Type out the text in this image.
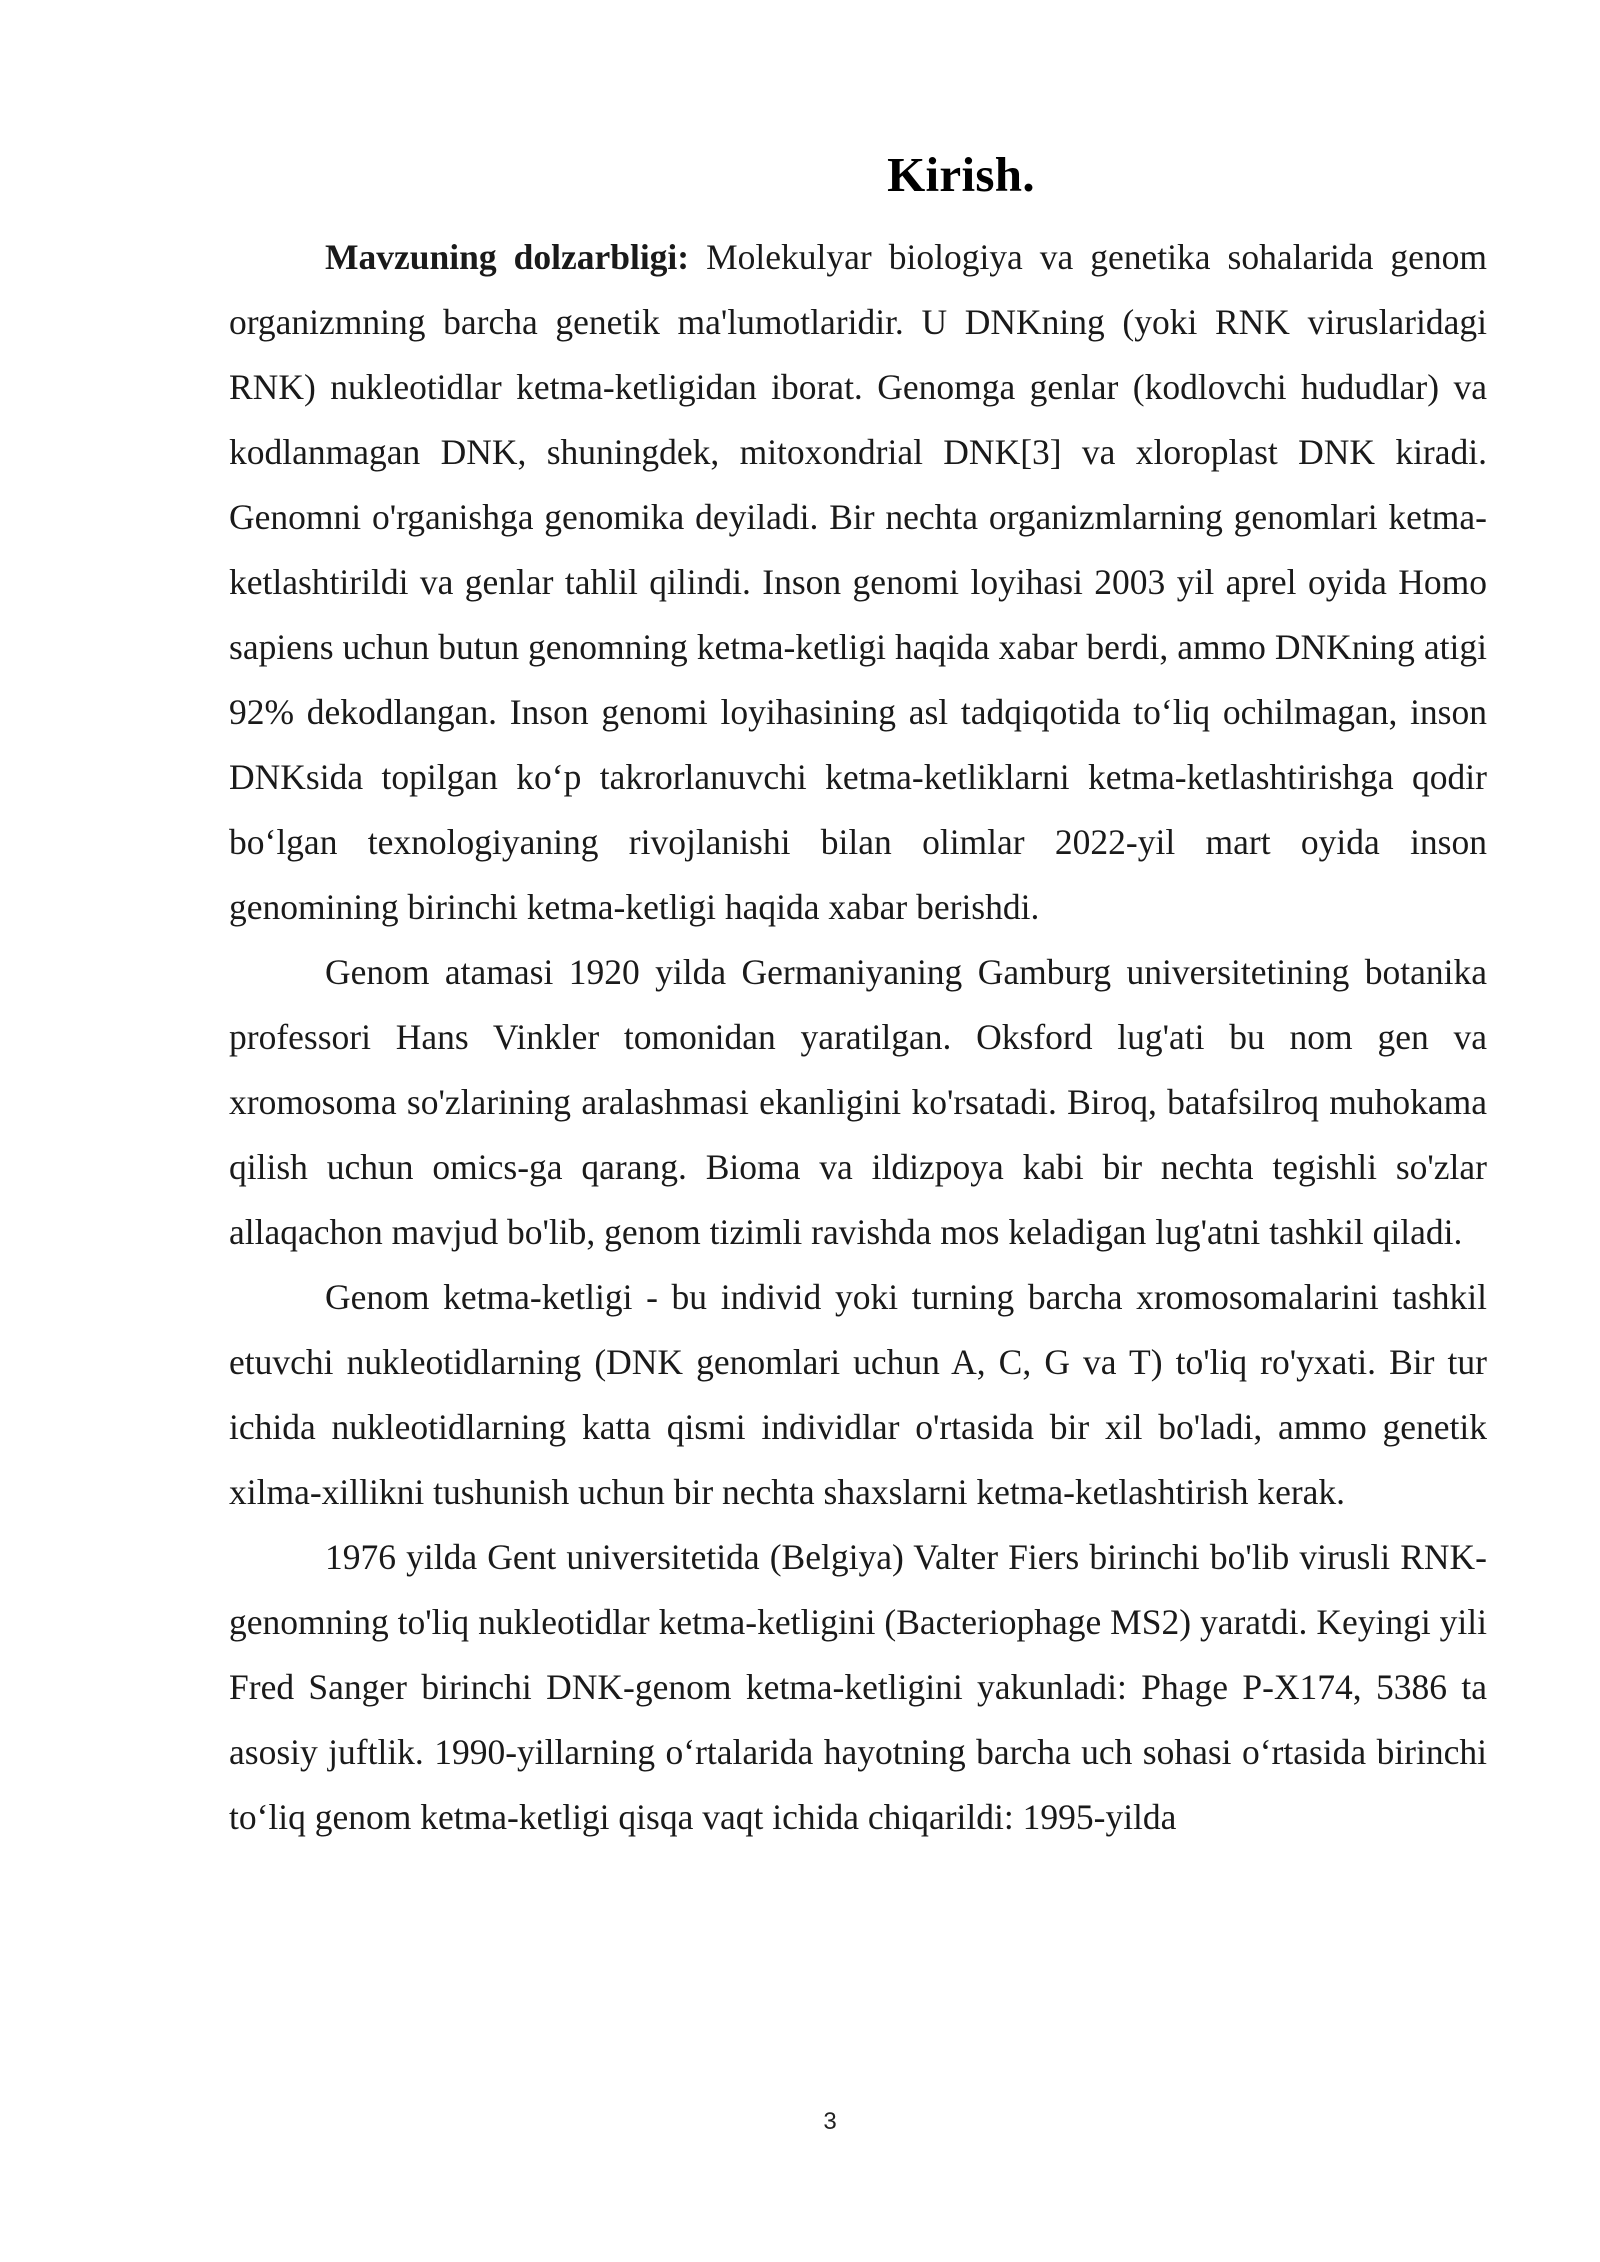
Kirish.

Mavzuning dolzarbligi: Molekulyar biologiya va genetika sohalarida genom organizmning barcha genetik ma'lumotlaridir. U DNKning (yoki RNK viruslaridagi RNK) nukleotidlar ketma-ketligidan iborat. Genomga genlar (kodlovchi hududlar) va kodlanmagan DNK, shuningdek, mitoxondrial DNK[3] va xloroplast DNK kiradi. Genomni o'rganishga genomika deyiladi. Bir nechta organizmlarning genomlari ketma-ketlashtirildi va genlar tahlil qilindi. Inson genomi loyihasi 2003 yil aprel oyida Homo sapiens uchun butun genomning ketma-ketligi haqida xabar berdi, ammo DNKning atigi 92% dekodlangan. Inson genomi loyihasining asl tadqiqotida to‘liq ochilmagan, inson DNKsida topilgan ko‘p takrorlanuvchi ketma-ketliklarni ketma-ketlashtirishga qodir bo‘lgan texnologiyaning rivojlanishi bilan olimlar 2022-yil mart oyida inson genomining birinchi ketma-ketligi haqida xabar berishdi.

Genom atamasi 1920 yilda Germaniyaning Gamburg universitetining botanika professori Hans Vinkler tomonidan yaratilgan. Oksford lug'ati bu nom gen va xromosoma so'zlarining aralashmasi ekanligini ko'rsatadi. Biroq, batafsilroq muhokama qilish uchun omics-ga qarang. Bioma va ildizpoya kabi bir nechta tegishli so'zlar allaqachon mavjud bo'lib, genom tizimli ravishda mos keladigan lug'atni tashkil qiladi.

Genom ketma-ketligi - bu individ yoki turning barcha xromosomalarini tashkil etuvchi nukleotidlarning (DNK genomlari uchun A, C, G va T) to'liq ro'yxati. Bir tur ichida nukleotidlarning katta qismi individlar o'rtasida bir xil bo'ladi, ammo genetik xilma-xillikni tushunish uchun bir nechta shaxslarni ketma-ketlashtirish kerak.

1976 yilda Gent universitetida (Belgiya) Valter Fiers birinchi bo'lib virusli RNK-genomning to'liq nukleotidlar ketma-ketligini (Bacteriophage MS2) yaratdi. Keyingi yili Fred Sanger birinchi DNK-genom ketma-ketligini yakunladi: Phage P-X174, 5386 ta asosiy juftlik. 1990-yillarning o‘rtalarida hayotning barcha uch sohasi o‘rtasida birinchi to‘liq genom ketma-ketligi qisqa vaqt ichida chiqarildi: 1995-yilda

3
